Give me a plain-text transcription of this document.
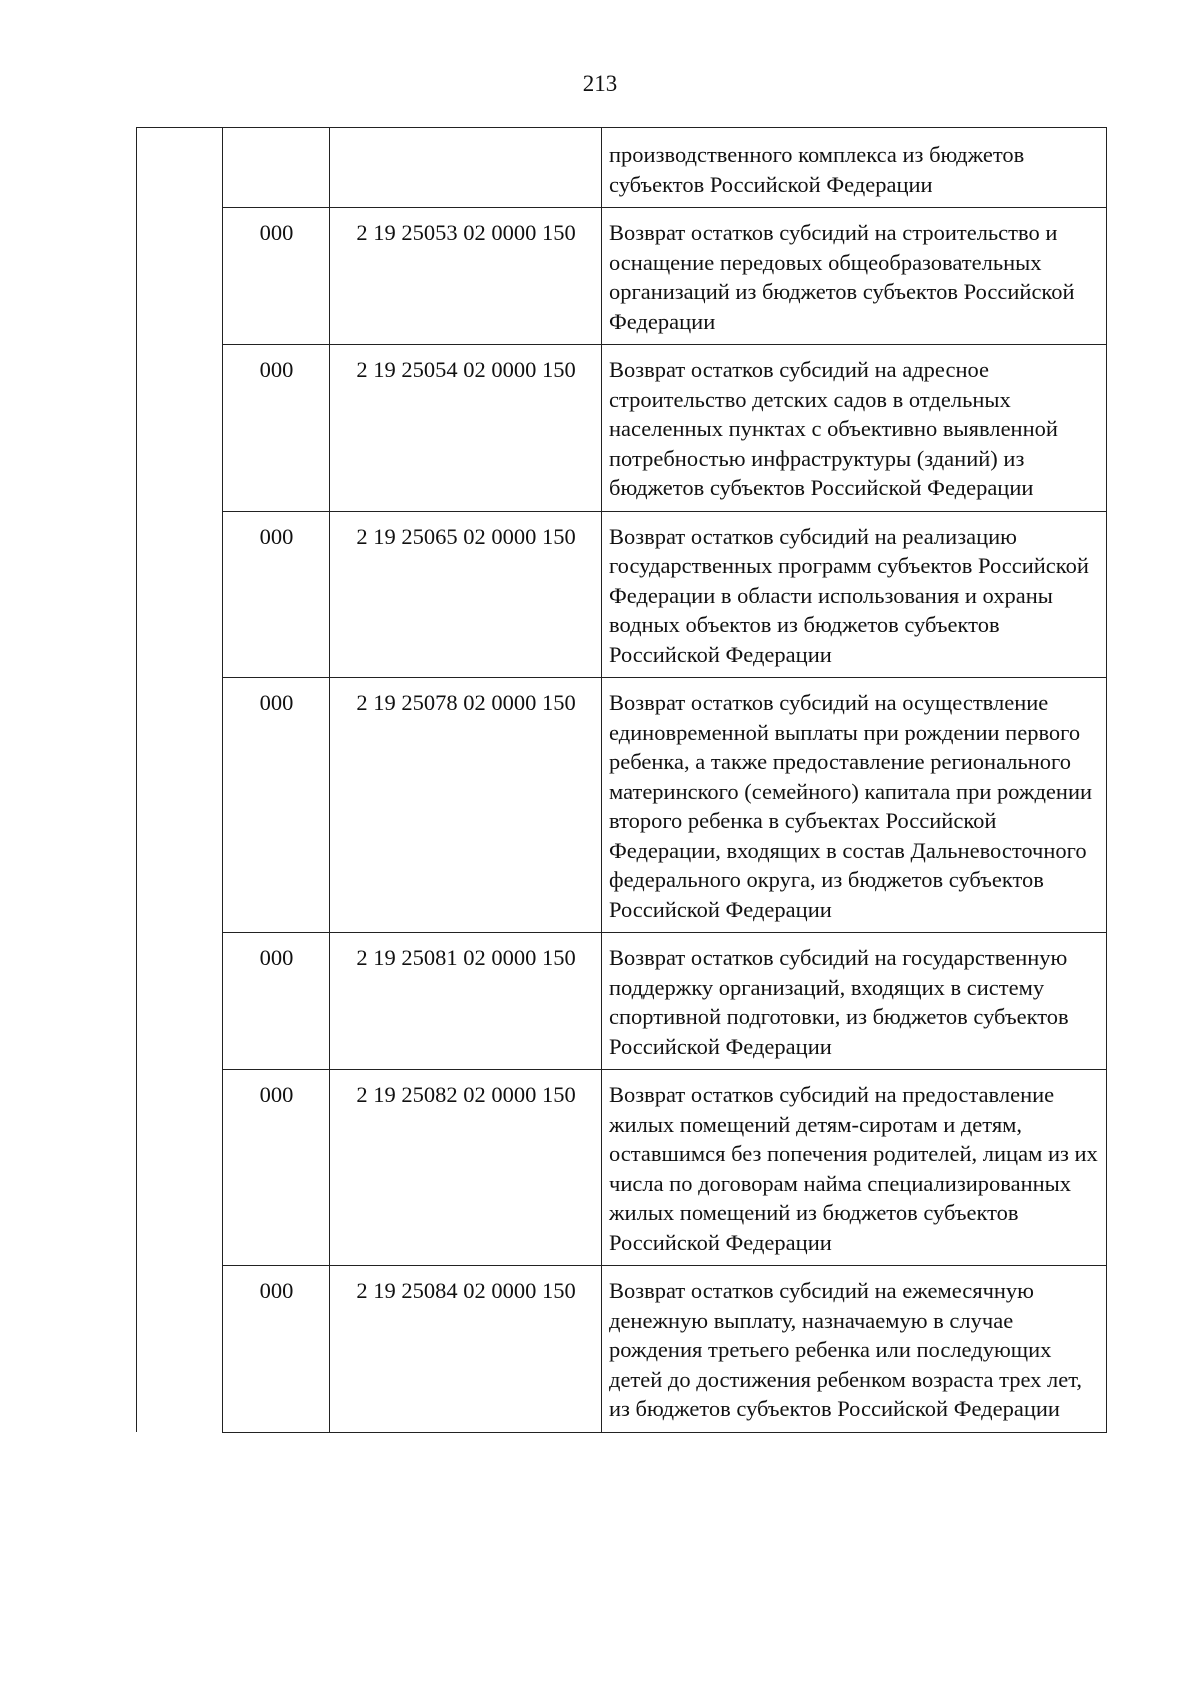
213
			производственного комплекса из бюджетов субъектов Российской Федерации
	000	2 19 25053 02 0000 150	Возврат остатков субсидий на строительство и оснащение передовых общеобразовательных организаций из бюджетов субъектов Российской Федерации
	000	2 19 25054 02 0000 150	Возврат остатков субсидий на адресное строительство детских садов в отдельных населенных пунктах с объективно выявленной потребностью инфраструктуры (зданий) из бюджетов субъектов Российской Федерации
	000	2 19 25065 02 0000 150	Возврат остатков субсидий на реализацию государственных программ субъектов Российской Федерации в области использования и охраны водных объектов из бюджетов субъектов Российской Федерации
	000	2 19 25078 02 0000 150	Возврат остатков субсидий на осуществление единовременной выплаты при рождении первого ребенка, а также предоставление регионального материнского (семейного) капитала при рождении второго ребенка в субъектах Российской Федерации, входящих в состав Дальневосточного федерального округа, из бюджетов субъектов Российской Федерации
	000	2 19 25081 02 0000 150	Возврат остатков субсидий на государственную поддержку организаций, входящих в систему спортивной подготовки, из бюджетов субъектов Российской Федерации
	000	2 19 25082 02 0000 150	Возврат остатков субсидий на предоставление жилых помещений детям-сиротам и детям, оставшимся без попечения родителей, лицам из их числа по договорам найма специализированных жилых помещений из бюджетов субъектов Российской Федерации
	000	2 19 25084 02 0000 150	Возврат остатков субсидий на ежемесячную денежную выплату, назначаемую в случае рождения третьего ребенка или последующих детей до достижения ребенком возраста трех лет, из бюджетов субъектов Российской Федерации
